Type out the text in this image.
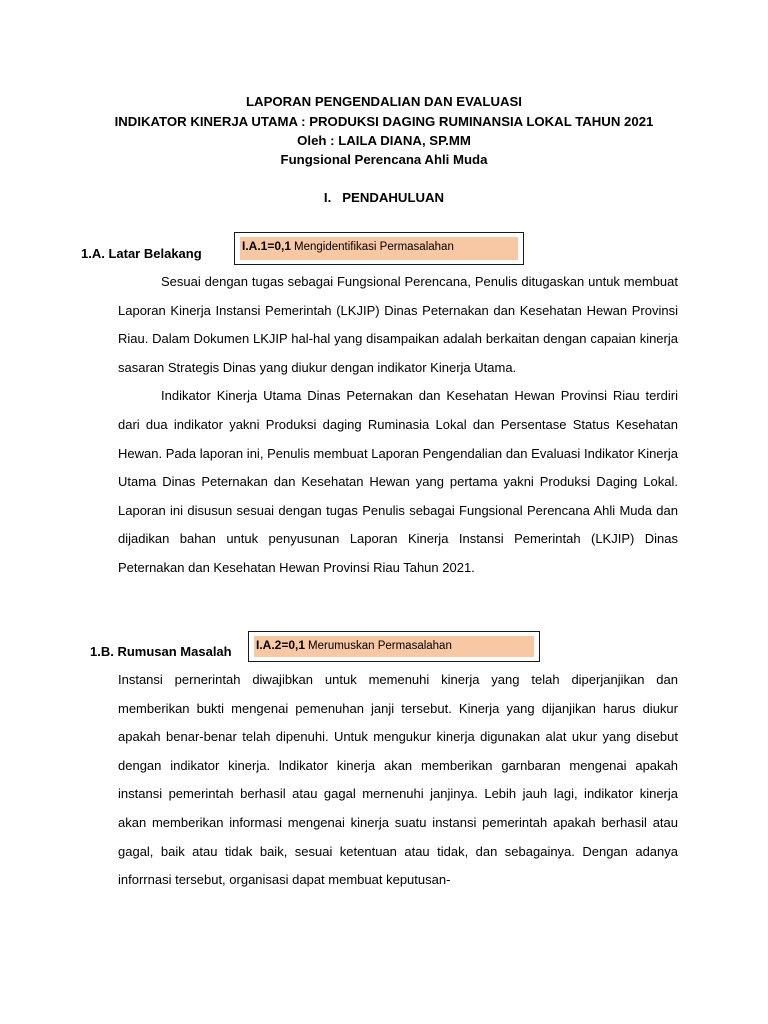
LAPORAN PENGENDALIAN DAN EVALUASI
INDIKATOR KINERJA UTAMA : PRODUKSI DAGING RUMINANSIA LOKAL TAHUN 2021
Oleh : LAILA DIANA, SP.MM
Fungsional Perencana Ahli Muda
I. PENDAHULUAN
1.A. Latar Belakang	I.A.1=0,1 Mengidentifikasi Permasalahan

Sesuai dengan tugas sebagai Fungsional Perencana, Penulis ditugaskan untuk membuat Laporan Kinerja Instansi Pemerintah (LKJIP) Dinas Peternakan dan Kesehatan Hewan Provinsi Riau. Dalam Dokumen LKJIP hal-hal yang disampaikan adalah berkaitan dengan capaian kinerja sasaran Strategis Dinas yang diukur dengan indikator Kinerja Utama.

Indikator Kinerja Utama Dinas Peternakan dan Kesehatan Hewan Provinsi Riau terdiri dari dua indikator yakni Produksi daging Ruminasia Lokal dan Persentase Status Kesehatan Hewan. Pada laporan ini, Penulis membuat Laporan Pengendalian dan Evaluasi Indikator Kinerja Utama Dinas Peternakan dan Kesehatan Hewan yang pertama yakni Produksi Daging Lokal. Laporan ini disusun sesuai dengan tugas Penulis sebagai Fungsional Perencana Ahli Muda dan dijadikan bahan untuk penyusunan Laporan Kinerja Instansi Pemerintah (LKJIP) Dinas Peternakan dan Kesehatan Hewan Provinsi Riau Tahun 2021.

1.B. Rumusan Masalah I.A.2=0,1 Merumuskan Permasalahan

Instansi pernerintah diwajibkan untuk memenuhi kinerja yang telah diperjanjikan dan memberikan bukti mengenai pemenuhan janji tersebut. Kinerja yang dijanjikan harus diukur apakah benar-benar telah dipenuhi. Untuk mengukur kinerja digunakan alat ukur yang disebut dengan indikator kinerja. lndikator kinerja akan memberikan garnbaran mengenai apakah instansi pemerintah berhasil atau gagal mernenuhi janjinya. Lebih jauh lagi, indikator kinerja akan memberikan informasi mengenai kinerja suatu instansi pemerintah apakah berhasil atau gagal, baik atau tidak baik, sesuai ketentuan atau tidak, dan sebagainya. Dengan adanya inforrnasi tersebut, organisasi dapat membuat keputusan-
